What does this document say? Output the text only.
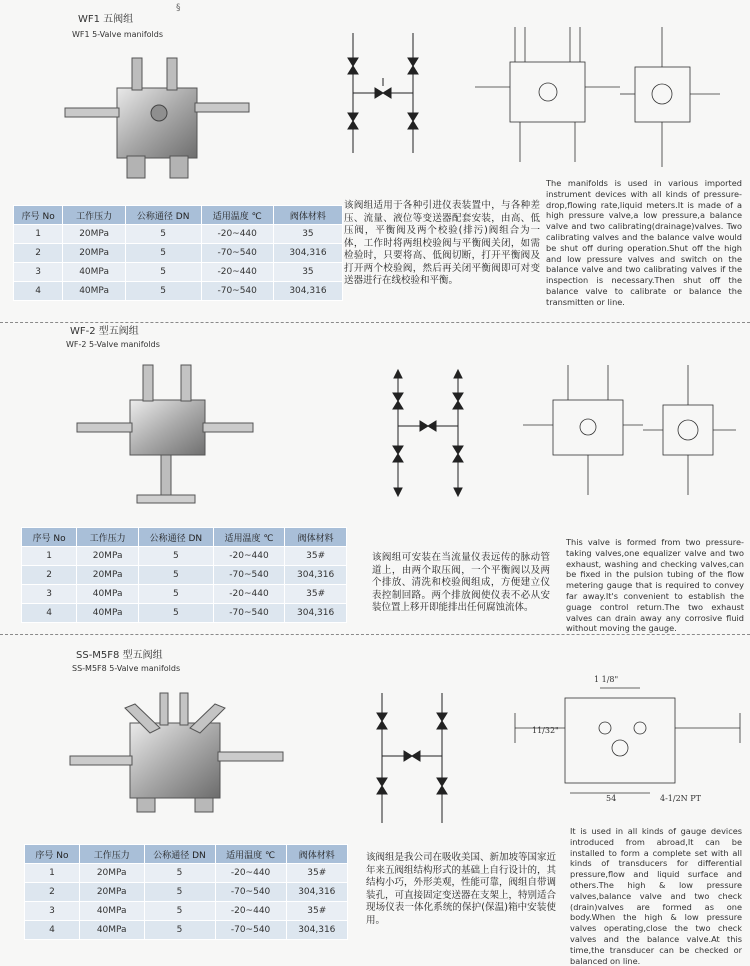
§
WF1 五阀组
WF1 5-Valve manifolds
序号 No	工作压力	公称通径 DN	适用温度 ℃	阀体材料
1	20MPa	5	-20~440	35
2	20MPa	5	-70~540	304,316
3	40MPa	5	-20~440	35
4	40MPa	5	-70~540	304,316
该阀组适用于各种引进仪表装置中，与各种差压、流量、液位等变送器配套安装，由高、低压阀，平衡阀及两个校验(排污)阀组合为一体，工作时将两组校验阀与平衡阀关闭，如需检验时，只要将高、低阀切断，打开平衡阀及打开两个校验阀，然后再关闭平衡阀即可对变送器进行在线校验和平衡。
The manifolds is used in various imported instrument devices with all kinds of pressure-drop,flowing rate,liquid meters.It is made of a high pressure valve,a low pressure,a balance valve and two calibrating(drainage)valves. Two calibrating valves and the balance valve would be shut off during operation.Shut off the high and low pressure valves and switch on the balance valve and two calibrating valves if the inspection is necessary.Then shut off the balance valve to calibrate or balance the transmitten or line.
WF-2 型五阀组
WF-2 5-Valve manifolds
序号 No	工作压力	公称通径 DN	适用温度 ℃	阀体材料
1	20MPa	5	-20~440	35#
2	20MPa	5	-70~540	304,316
3	40MPa	5	-20~440	35#
4	40MPa	5	-70~540	304,316
该阀组可安装在当流量仪表远传的脉动管道上，由两个取压阀，一个平衡阀以及两个排放、清洗和校验阀组成，方便建立仪表控制回路。两个排放阀使仪表不必从安装位置上移开即能排出任何腐蚀流体。
This valve is formed from two pressure-taking valves,one equalizer valve and two exhaust, washing and checking valves,can be fixed in the pulsion tubing of the flow metering gauge that is required to convey far away.It's convenient to establish the guage control return.The two exhaust valves can drain away any corrosive fluid without moving the gauge.
SS-M5F8 型五阀组
SS-M5F8 5-Valve manifolds
序号 No	工作压力	公称通径 DN	适用温度 ℃	阀体材料
1	20MPa	5	-20~440	35#
2	20MPa	5	-70~540	304,316
3	40MPa	5	-20~440	35#
4	40MPa	5	-70~540	304,316
1 1/8"
11/32"
54	4-1/2N PT
该阀组是我公司在吸收美国、新加坡等国家近年来五阀组结构形式的基础上自行设计的，其结构小巧，外形美观，性能可靠，阀组自带调装孔，可直接固定变送器在支架上，特别适合现场仪表一体化系统的保护(保温)箱中安装使用。
It is used in all kinds of gauge devices introduced from abroad,It can be installed to form a complete set with all kinds of transducers for differential pressure,flow and liquid surface and others.The high & low pressure valves,balance valve and two check (drain)valves are formed as one body.When the high & low pressure valves operating,close the two check valves and the balance valve.At this time,the transducer can be checked or balanced on line.
